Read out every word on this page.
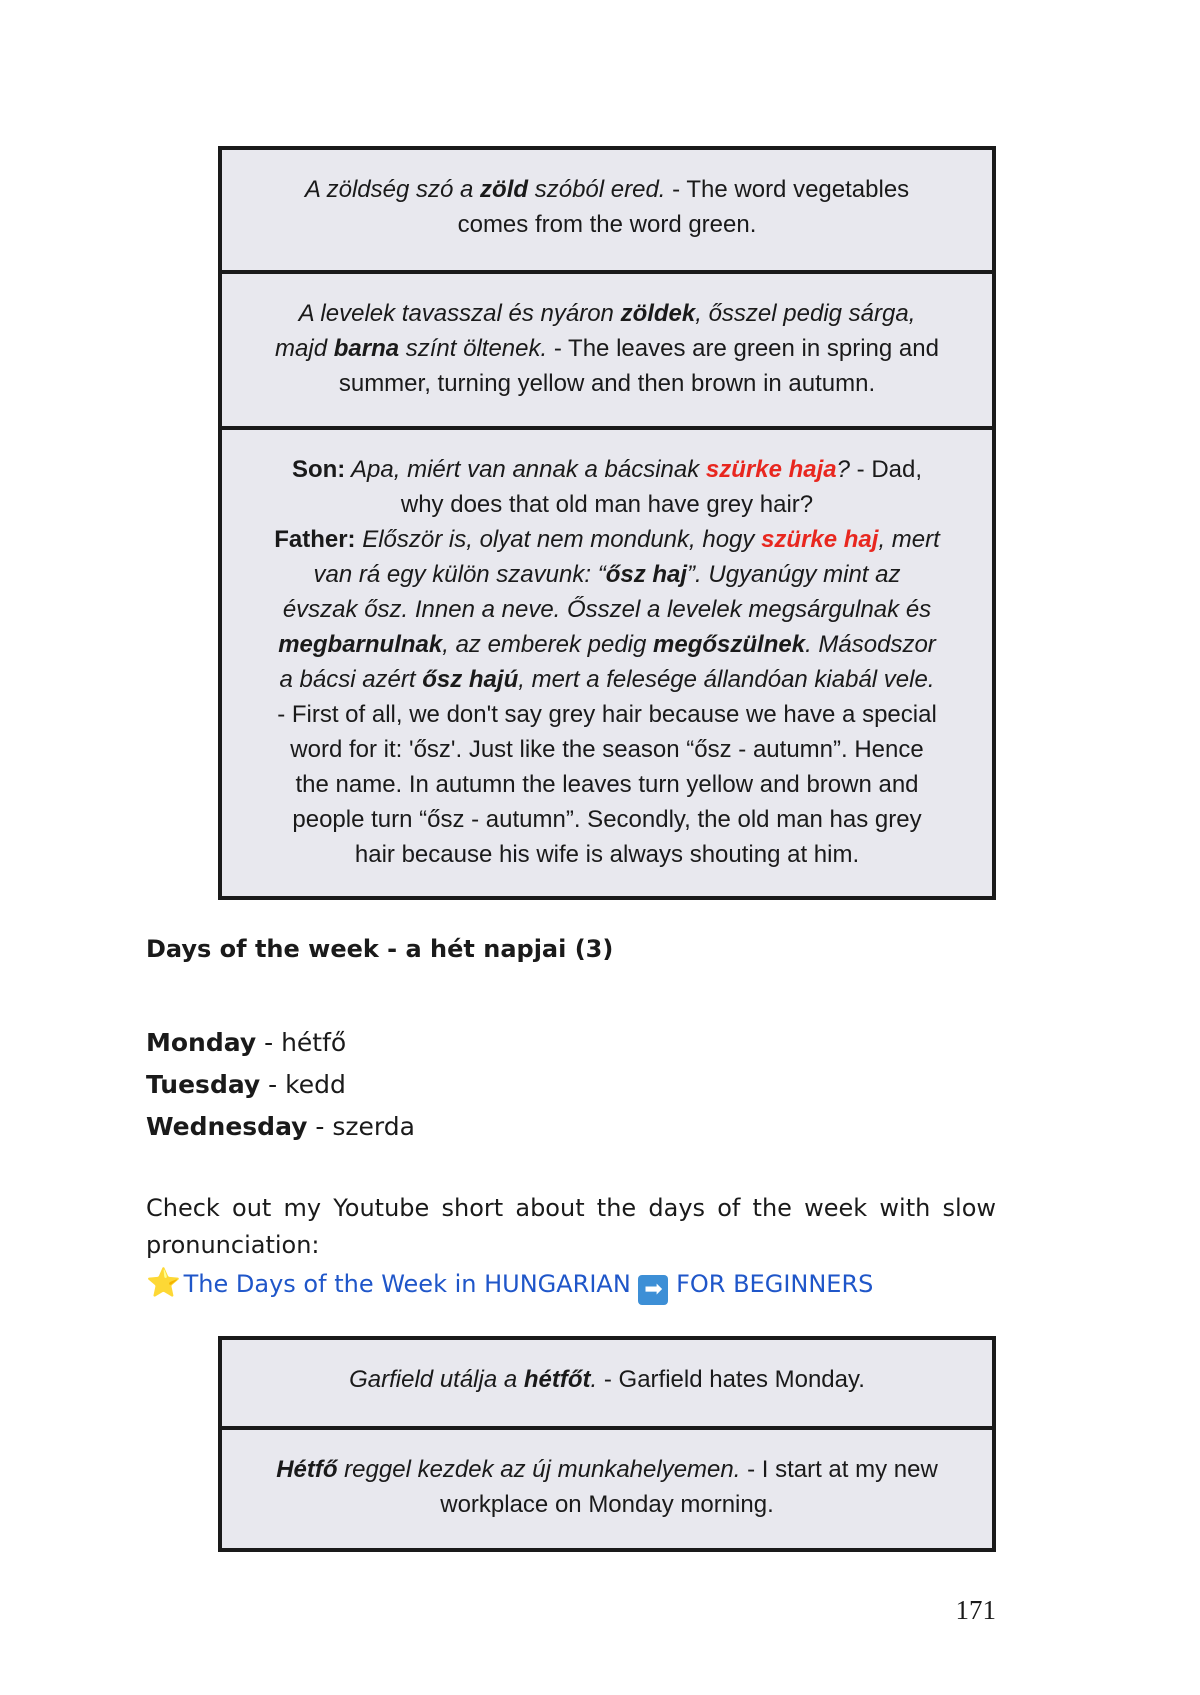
A zöldség szó a zöld szóból ered. - The word vegetables
comes from the word green.
A levelek tavasszal és nyáron zöldek, ősszel pedig sárga,
majd barna színt öltenek. - The leaves are green in spring and
summer, turning yellow and then brown in autumn.
Son: Apa, miért van annak a bácsinak szürke haja? - Dad,
why does that old man have grey hair?
Father: Először is, olyat nem mondunk, hogy szürke haj, mert
van rá egy külön szavunk: “ősz haj”. Ugyanúgy mint az
évszak ősz. Innen a neve. Ősszel a levelek megsárgulnak és
megbarnulnak, az emberek pedig megőszülnek. Másodszor
a bácsi azért ősz hajú, mert a felesége állandóan kiabál vele.
- First of all, we don't say grey hair because we have a special
word for it: 'ősz'. Just like the season “ősz - autumn”. Hence
the name. In autumn the leaves turn yellow and brown and
people turn “ősz - autumn”. Secondly, the old man has grey
hair because his wife is always shouting at him.
Days of the week - a hét napjai (3)
Monday - hétfő
Tuesday - kedd
Wednesday - szerda
Check out my Youtube short about the days of the week with slow pronunciation:
⭐ The Days of the Week in HUNGARIAN ➡ FOR BEGINNERS
Garfield utálja a hétfőt. - Garfield hates Monday.
Hétfő reggel kezdek az új munkahelyemen. - I start at my new
workplace on Monday morning.
171
